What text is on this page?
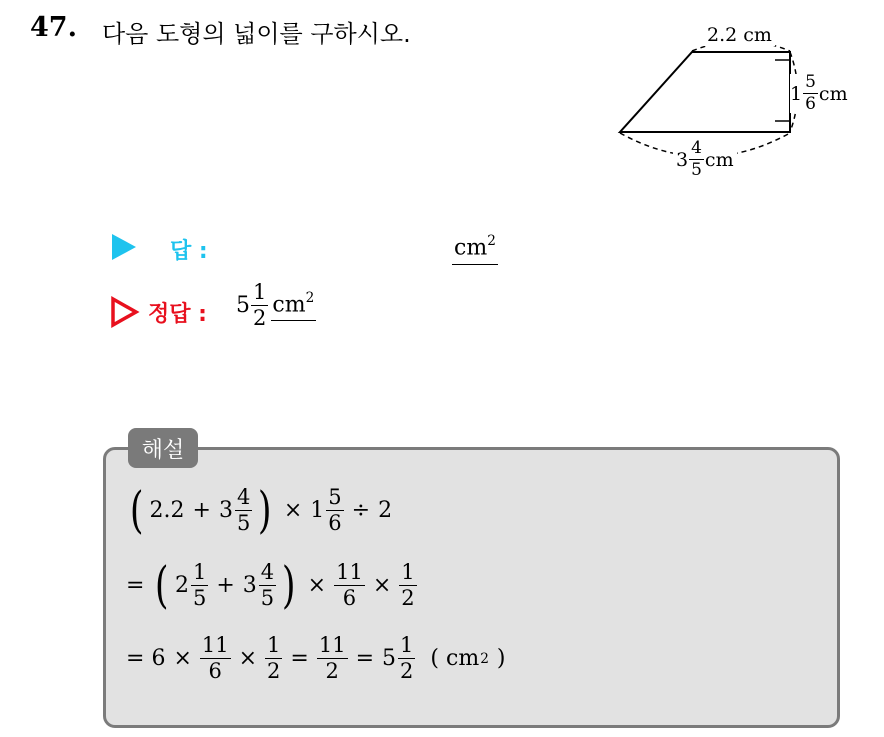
47. 다음 도형의 넓이를 구하시오.	2.2 cm
$1 \frac{5}{6}$ cm
$3 \frac{4}{5}$ cm
답 :	$cm^2$
정답 : $5 \frac{1}{2} cm^2$
해설
( $2.2 + 3 \frac{4}{5}$ ) × $1 \frac{5}{6} \div 2$
= ( $2 \frac{1}{5} + 3 \frac{4}{5}$ ) × $\frac{11}{6} \times \frac{1}{2}$
= $6 \times \frac{11}{6} \times \frac{1}{2} = \frac{11}{2} = 5 \frac{1}{2}$ ( cm 2 )
